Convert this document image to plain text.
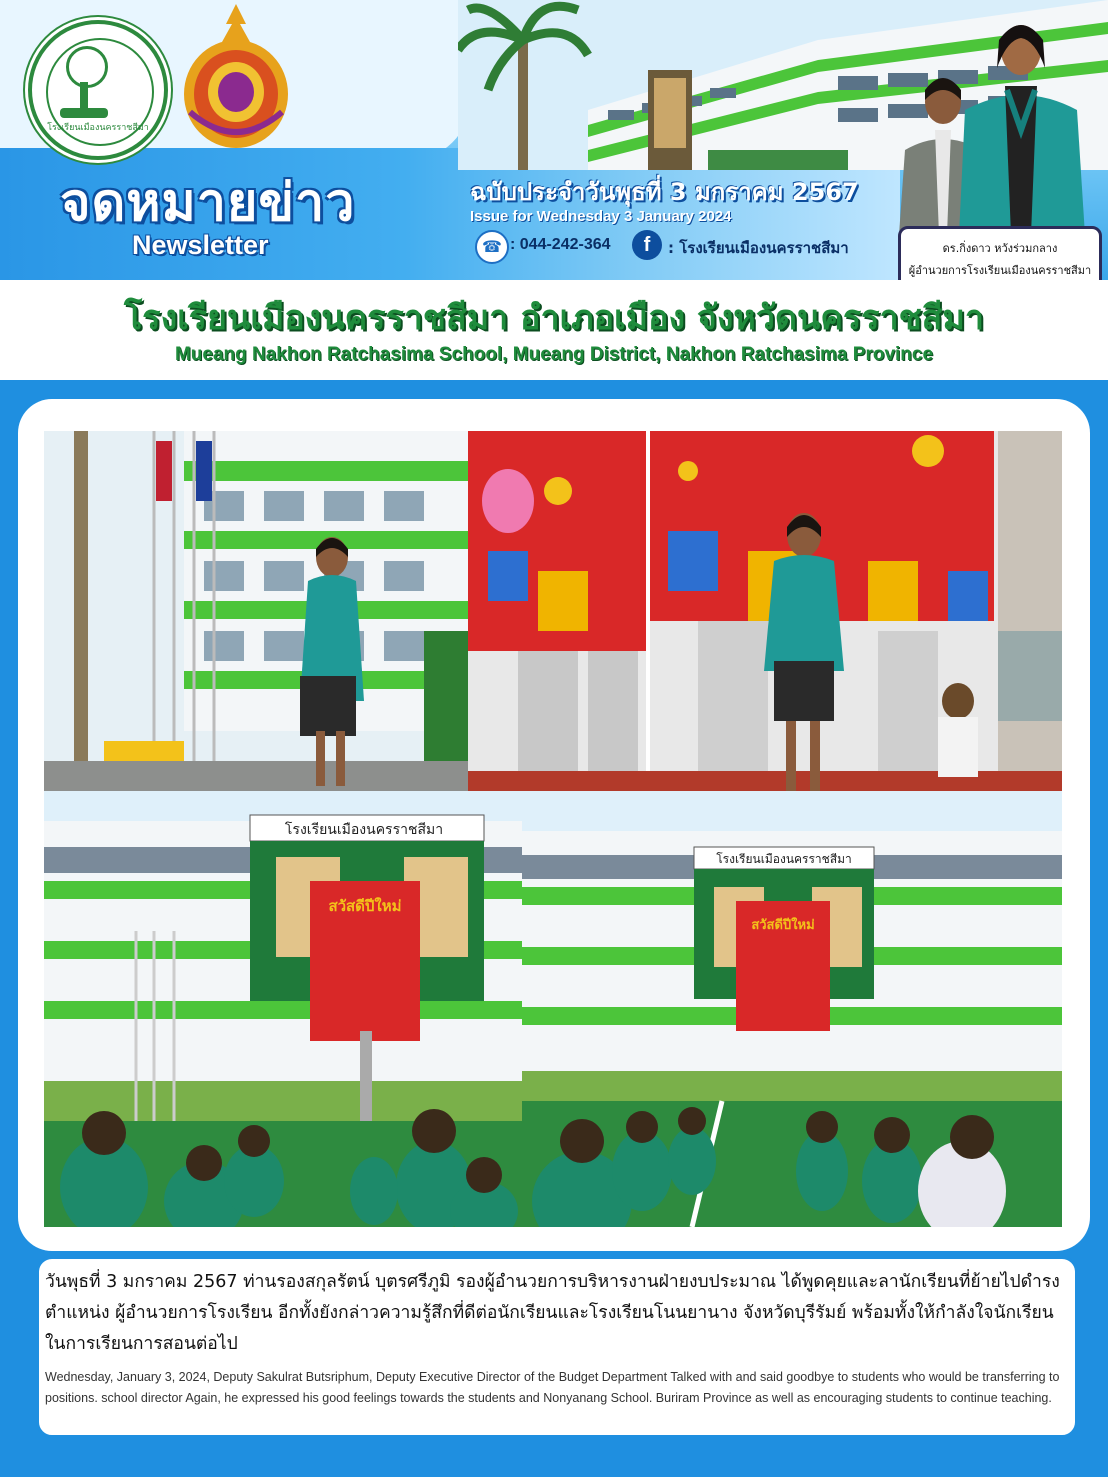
โรงเรียนเมืองนครราชสีมา
จดหมายข่าว
Newsletter
ฉบับประจำวันพุธที่ 3 มกราคม 2567
Issue for Wednesday 3 January 2024
☎ : 044-242-364	f	: โรงเรียนเมืองนครราชสีมา	ดร.กิ่งดาว หวังร่วมกลาง
ผู้อำนวยการโรงเรียนเมืองนครราชสีมา
โรงเรียนเมืองนครราชสีมา อำเภอเมือง จังหวัดนครราชสีมา
Mueang Nakhon Ratchasima School, Mueang District, Nakhon Ratchasima Province
โรงเรียนเมืองนครราชสีมา
สวัสดีปีใหม่
โรงเรียนเมืองนครราชสีมา
สวัสดีปีใหม่
วันพุธที่ 3 มกราคม 2567 ท่านรองสกุลรัตน์ บุตรศรีภูมิ รองผู้อำนวยการบริหารงานฝ่ายงบประมาณ ได้พูดคุยและลานักเรียนที่ย้ายไปดำรงตำแหน่ง ผู้อำนวยการโรงเรียน อีกทั้งยังกล่าวความรู้สึกที่ดีต่อนักเรียนและโรงเรียนโนนยานาง จังหวัดบุรีรัมย์ พร้อมทั้งให้กำลังใจนักเรียนในการเรียนการสอนต่อไป
Wednesday, January 3, 2024, Deputy Sakulrat Butsriphum, Deputy Executive Director of the Budget Department Talked with and said goodbye to students who would be transferring to positions. school director Again, he expressed his good feelings towards the students and Nonyanang School. Buriram Province as well as encouraging students to continue teaching.
